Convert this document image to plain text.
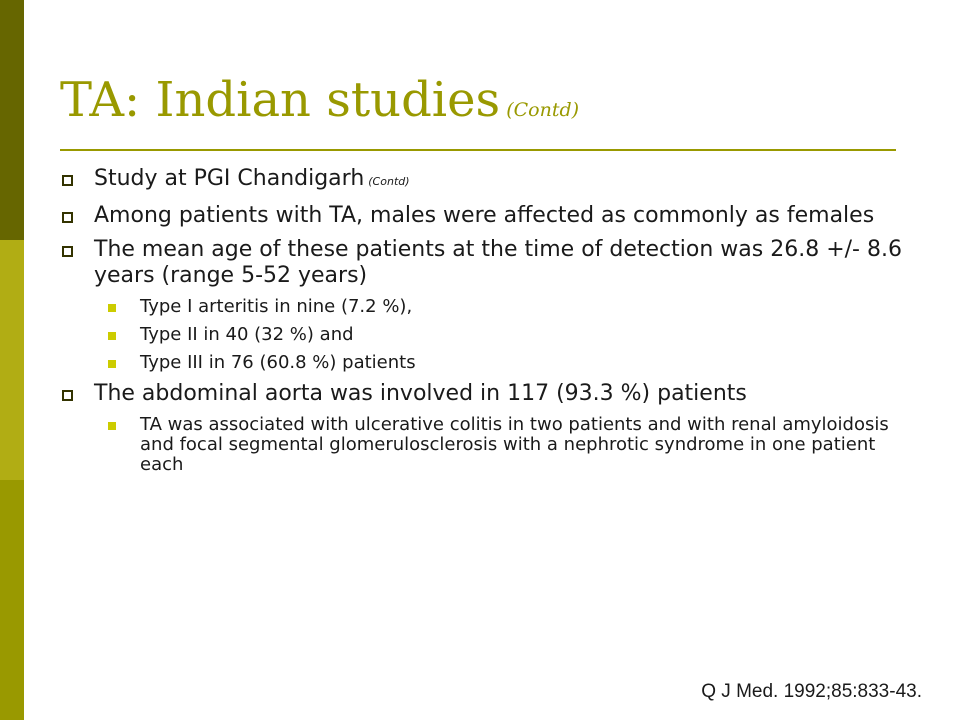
TA: Indian studies (Contd)
Study at PGI Chandigarh (Contd)
Among patients with TA, males were affected as commonly as females
The mean age of these patients at the time of detection was 26.8 +/- 8.6 years (range 5-52 years)
Type I arteritis in nine (7.2 %),
Type II in 40 (32 %) and
Type III in 76 (60.8 %) patients
The abdominal aorta was involved in 117 (93.3 %) patients
TA was associated with ulcerative colitis in two patients and with renal amyloidosis and focal segmental glomerulosclerosis with a nephrotic syndrome in one patient each
Q J Med. 1992;85:833-43.
